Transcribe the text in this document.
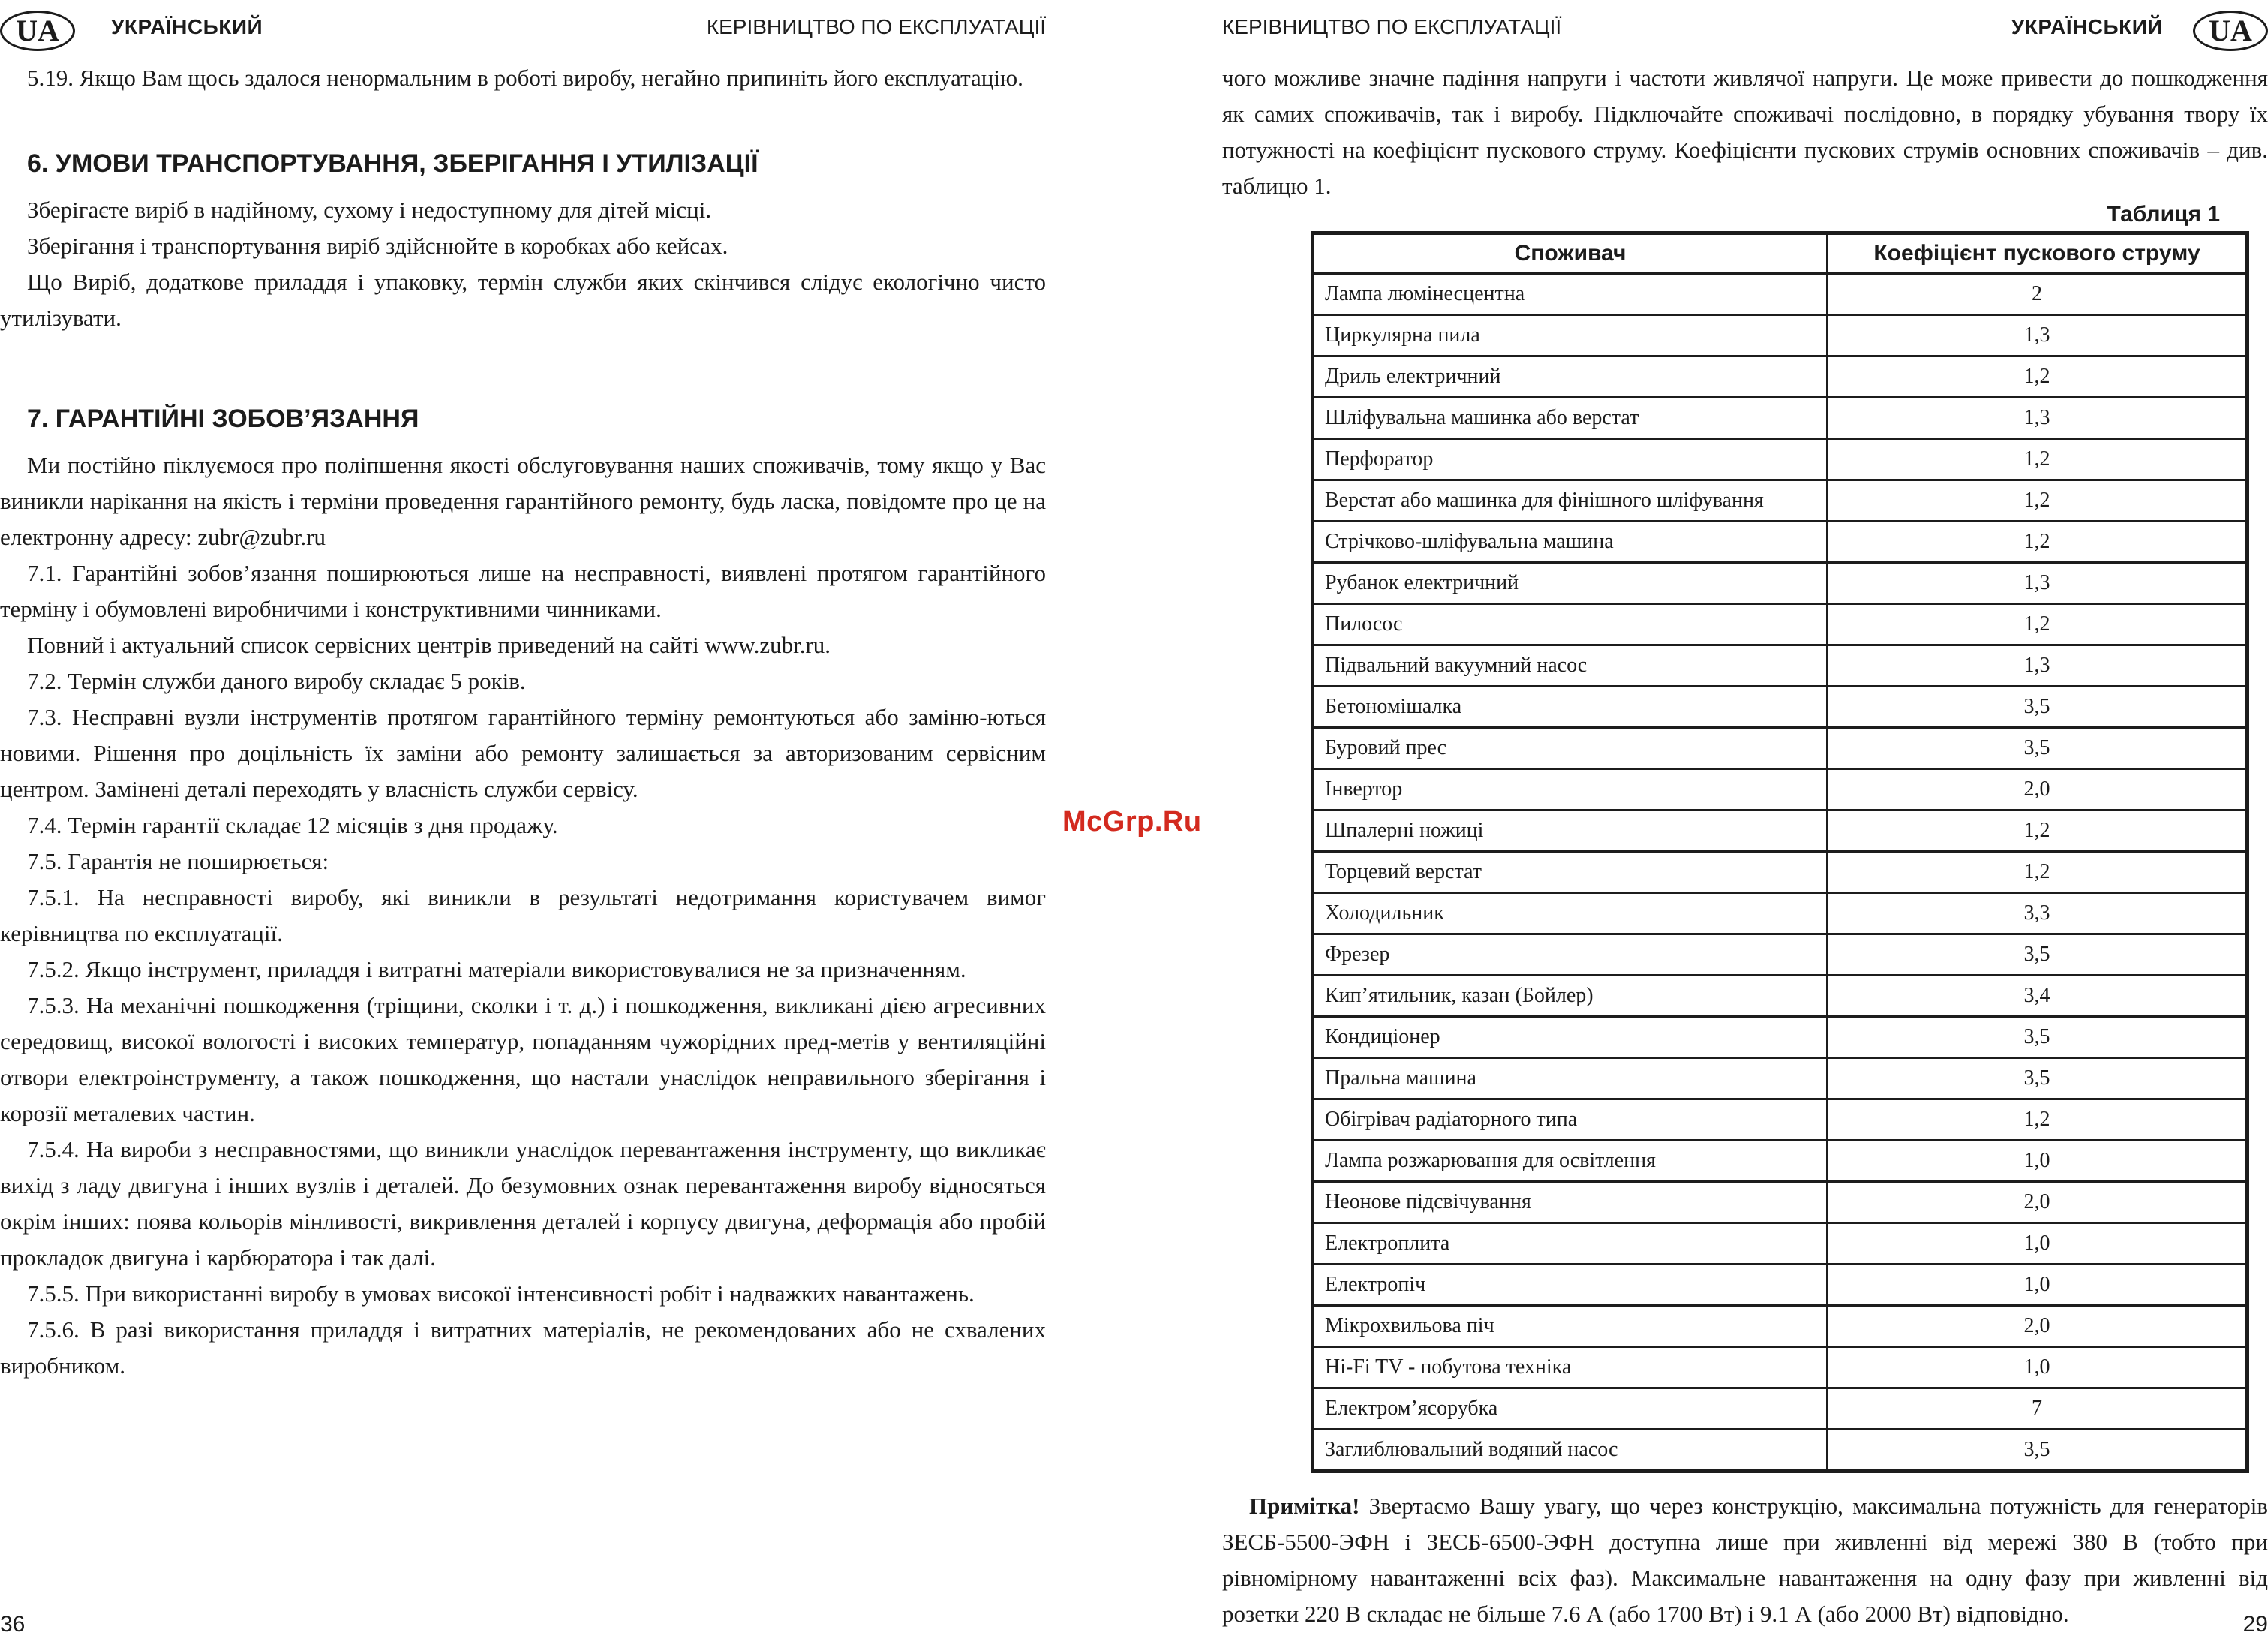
UA	УКРАЇНСЬКИЙ	КЕРІВНИЦТВО ПО ЕКСПЛУАТАЦІЇ

5.19. Якщо Вам щось здалося ненормальним в роботі виробу, негайно припиніть його експлуатацію.

6. УМОВИ ТРАНСПОРТУВАННЯ, ЗБЕРІГАННЯ І УТИЛІЗАЦІЇ

Зберігаєте виріб в надійному, сухому і недоступному для дітей місці.

Зберігання і транспортування виріб здійснюйте в коробках або кейсах.

Що Виріб, додаткове приладдя і упаковку, термін служби яких скінчився слідує екологічно чисто утилізувати.

7. ГАРАНТІЙНІ ЗОБОВ’ЯЗАННЯ

Ми постійно піклуємося про поліпшення якості обслуговування наших споживачів, тому якщо у Вас виникли нарікання на якість і терміни проведення гарантійного ремонту, будь ласка, повідомте про це на електронну адресу: zubr@zubr.ru

7.1. Гарантійні зобов’язання поширюються лише на несправності, виявлені протягом гарантійного терміну і обумовлені виробничими і конструктивними чинниками.

Повний і актуальний список сервісних центрів приведений на сайті www.zubr.ru.

7.2. Термін служби даного виробу складає 5 років.

7.3. Несправні вузли інструментів протягом гарантійного терміну ремонтуються або заміню-ються новими. Рішення про доцільність їх заміни або ремонту залишається за авторизованим сервісним центром. Замінені деталі переходять у власність служби сервісу.

7.4. Термін гарантії складає 12 місяців з дня продажу.

7.5. Гарантія не поширюється:

7.5.1. На несправності виробу, які виникли в результаті недотримання користувачем вимог керівництва по експлуатації.

7.5.2. Якщо інструмент, приладдя і витратні матеріали використовувалися не за призначенням.

7.5.3. На механічні пошкодження (тріщини, сколки і т. д.) і пошкодження, викликані дією агресивних середовищ, високої вологості і високих температур, попаданням чужорідних пред-метів у вентиляційні отвори електроінструменту, а також пошкодження, що настали унаслідок неправильного зберігання і корозії металевих частин.

7.5.4. На вироби з несправностями, що виникли унаслідок перевантаження інструменту, що викликає вихід з ладу двигуна і інших вузлів і деталей. До безумовних ознак перевантаження виробу відносяться окрім інших: поява кольорів мінливості, викривлення деталей і корпусу двигуна, деформація або пробій прокладок двигуна і карбюратора і так далі.

7.5.5. При використанні виробу в умовах високої інтенсивності робіт і надважких навантажень.

7.5.6. В разі використання приладдя і витратних матеріалів, не рекомендованих або не схвалених виробником.

36
McGrp.Ru
КЕРІВНИЦТВО ПО ЕКСПЛУАТАЦІЇ	УКРАЇНСЬКИЙ	UA

чого можливе значне падіння напруги і частоти живлячої напруги. Це може привести до пошкодження як самих споживачів, так і виробу. Підключайте споживачі послідовно, в порядку убування твору їх потужності на коефіцієнт пускового струму. Коефіцієнти пускових струмів основних споживачів – див. таблицю 1.

Таблиця 1
Споживач	Коефіцієнт пускового струму
Лампа люмінесцентна	2
Циркулярна пила	1,3
Дриль електричний	1,2
Шліфувальна машинка або верстат	1,3
Перфоратор	1,2
Верстат або машинка для фінішного шліфування	1,2
Стрічково-шліфувальна машина	1,2
Рубанок електричний	1,3
Пилосос	1,2
Підвальний вакуумний насос	1,3
Бетономішалка	3,5
Буровий прес	3,5
Інвертор	2,0
Шпалерні ножиці	1,2
Торцевий верстат	1,2
Холодильник	3,3
Фрезер	3,5
Кип’ятильник, казан (Бойлер)	3,4
Кондиціонер	3,5
Пральна машина	3,5
Обігрівач радіаторного типа	1,2
Лампа розжарювання для освітлення	1,0
Неонове підсвічування	2,0
Електроплита	1,0
Електропіч	1,0
Мікрохвильова піч	2,0
Hi-Fi TV - побутова техніка	1,0
Електром’ясорубка	7
Заглиблювальний водяний насос	3,5

Примітка! Звертаємо Вашу увагу, що через конструкцію, максимальна потужність для генераторів ЗЕСБ-5500-ЭФН і ЗЕСБ-6500-ЭФН доступна лише при живленні від мережі 380 В (тобто при рівномірному навантаженні всіх фаз). Максимальне навантаження на одну фазу при живленні від розетки 220 В складає не більше 7.6 А (або 1700 Вт) і 9.1 А (або 2000 Вт) відповідно.	29
